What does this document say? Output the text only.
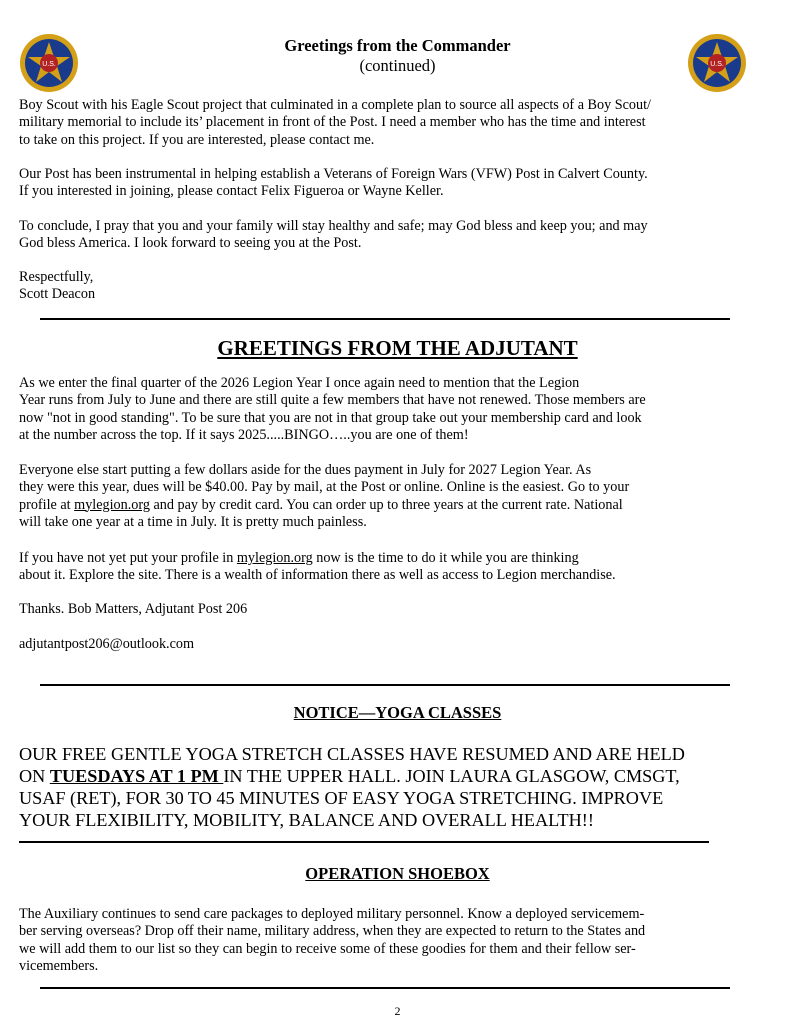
U.S.	U.S.
Greetings from the Commander
(continued)
Boy Scout with his Eagle Scout project that culminated in a complete plan to source all aspects of a Boy Scout/
military memorial to include its’ placement in front of the Post. I need a member who has the time and interest
to take on this project. If you are interested, please contact me.
Our Post has been instrumental in helping establish a Veterans of Foreign Wars (VFW) Post in Calvert County.
If you interested in joining, please contact Felix Figueroa or Wayne Keller.
To conclude, I pray that you and your family will stay healthy and safe; may God bless and keep you; and may
God bless America. I look forward to seeing you at the Post.
Respectfully,
Scott Deacon
GREETINGS FROM THE ADJUTANT
As we enter the final quarter of the 2026 Legion Year I once again need to mention that the Legion
Year runs from July to June and there are still quite a few members that have not renewed. Those members are
now "not in good standing". To be sure that you are not in that group take out your membership card and look
at the number across the top. If it says 2025.....BINGO…..you are one of them!
Everyone else start putting a few dollars aside for the dues payment in July for 2027 Legion Year. As
they were this year, dues will be $40.00. Pay by mail, at the Post or online. Online is the easiest. Go to your
profile at mylegion.org and pay by credit card. You can order up to three years at the current rate. National
will take one year at a time in July. It is pretty much painless.
If you have not yet put your profile in mylegion.org now is the time to do it while you are thinking
about it. Explore the site. There is a wealth of information there as well as access to Legion merchandise.
Thanks. Bob Matters, Adjutant Post 206
adjutantpost206@outlook.com
NOTICE—YOGA CLASSES
OUR FREE GENTLE YOGA STRETCH CLASSES HAVE RESUMED AND ARE HELD
ON TUESDAYS AT 1 PM IN THE UPPER HALL. JOIN LAURA GLASGOW, CMSGT,
USAF (RET), FOR 30 TO 45 MINUTES OF EASY YOGA STRETCHING. IMPROVE
YOUR FLEXIBILITY, MOBILITY, BALANCE AND OVERALL HEALTH!!
OPERATION SHOEBOX
The Auxiliary continues to send care packages to deployed military personnel. Know a deployed servicemem-
ber serving overseas? Drop off their name, military address, when they are expected to return to the States and
we will add them to our list so they can begin to receive some of these goodies for them and their fellow ser-
vicemembers.
2
